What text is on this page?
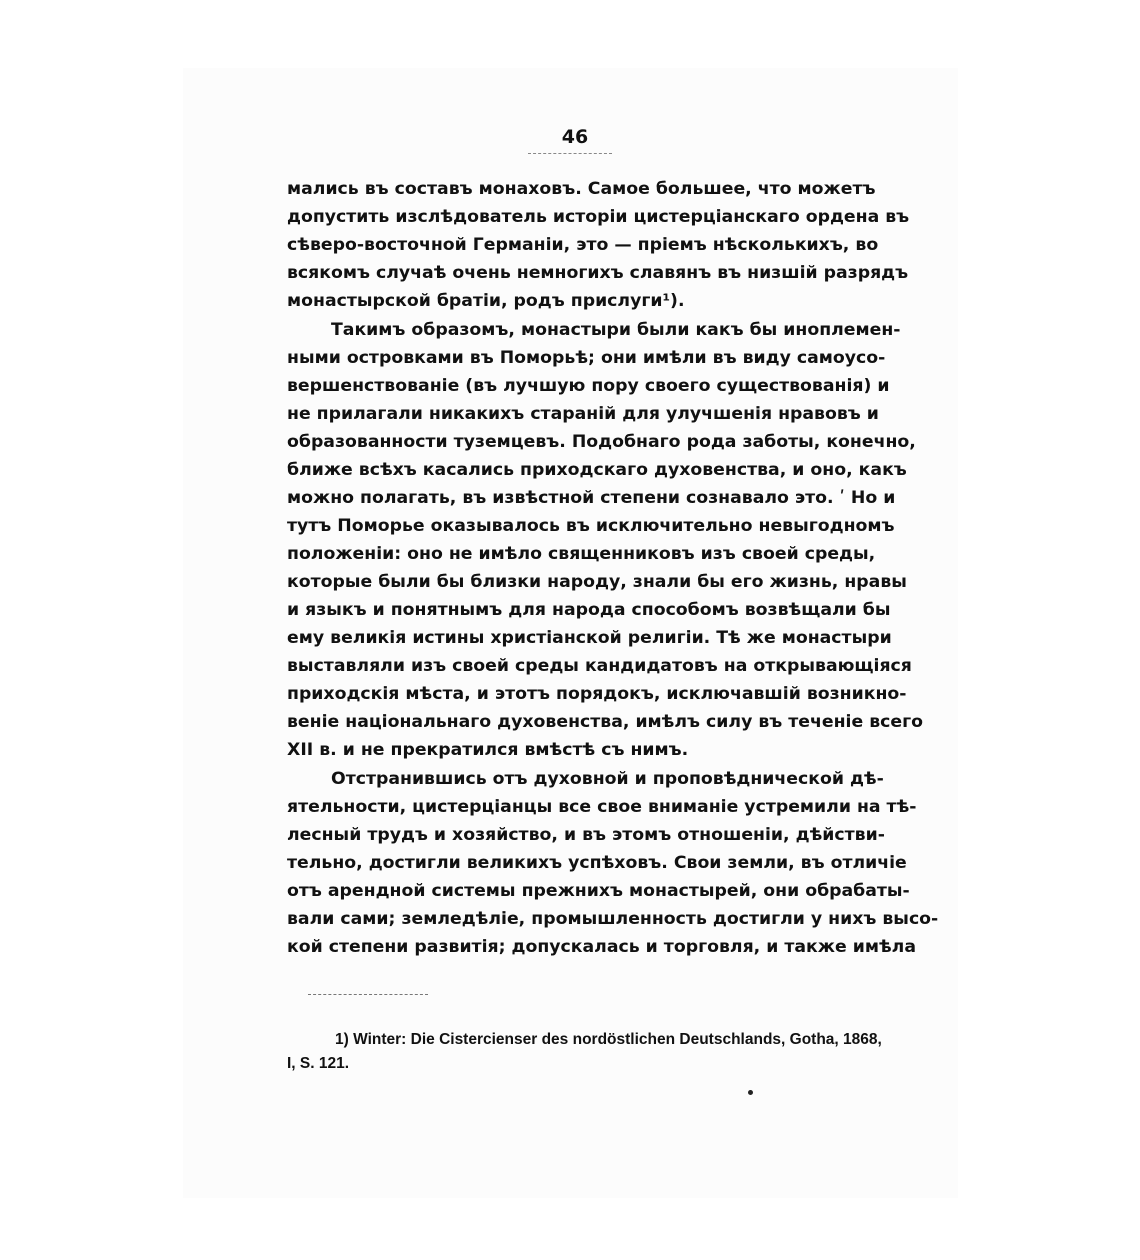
46
мались въ составъ монаховъ. Самое большее, что можетъ
допустить изслѣдователь исторіи цистерціанскаго ордена въ
сѣверо-восточной Германіи, это — пріемъ нѣсколькихъ, во
всякомъ случаѣ очень немногихъ славянъ въ низшій разрядъ
монастырской братіи, родъ прислуги¹).
Такимъ образомъ, монастыри были какъ бы иноплемен-
ными островками въ Поморьѣ; они имѣли въ виду самоусо-
вершенствованіе (въ лучшую пору своего существованія) и
не прилагали никакихъ стараній для улучшенія нравовъ и
образованности туземцевъ. Подобнаго рода заботы, конечно,
ближе всѣхъ касались приходскаго духовенства, и оно, какъ
можно полагать, въ извѣстной степени сознавало это. ʹ Но и
тутъ Поморье оказывалось въ исключительно невыгодномъ
положеніи: оно не имѣло священниковъ изъ своей среды,
которые были бы близки народу, знали бы его жизнь, нравы
и языкъ и понятнымъ для народа способомъ возвѣщали бы
ему великія истины христіанской религіи. Тѣ же монастыри
выставляли изъ своей среды кандидатовъ на открывающіяся
приходскія мѣста, и этотъ порядокъ, исключавшій возникно-
веніе національнаго духовенства, имѣлъ силу въ теченіе всего
XII в. и не прекратился вмѣстѣ съ нимъ.
Отстранившись отъ духовной и проповѣднической дѣ-
ятельности, цистерціанцы все свое вниманіе устремили на тѣ-
лесный трудъ и хозяйство, и въ этомъ отношеніи, дѣйстви-
тельно, достигли великихъ успѣховъ. Свои земли, въ отличіе
отъ арендной системы прежнихъ монастырей, они обрабаты-
вали сами; земледѣліе, промышленность достигли у нихъ высо-
кой степени развитія; допускалась и торговля, и также имѣла
1) Winter: Die Cistercienser des nordöstlichen Deutschlands, Gotha, 1868,
I, S. 121.
